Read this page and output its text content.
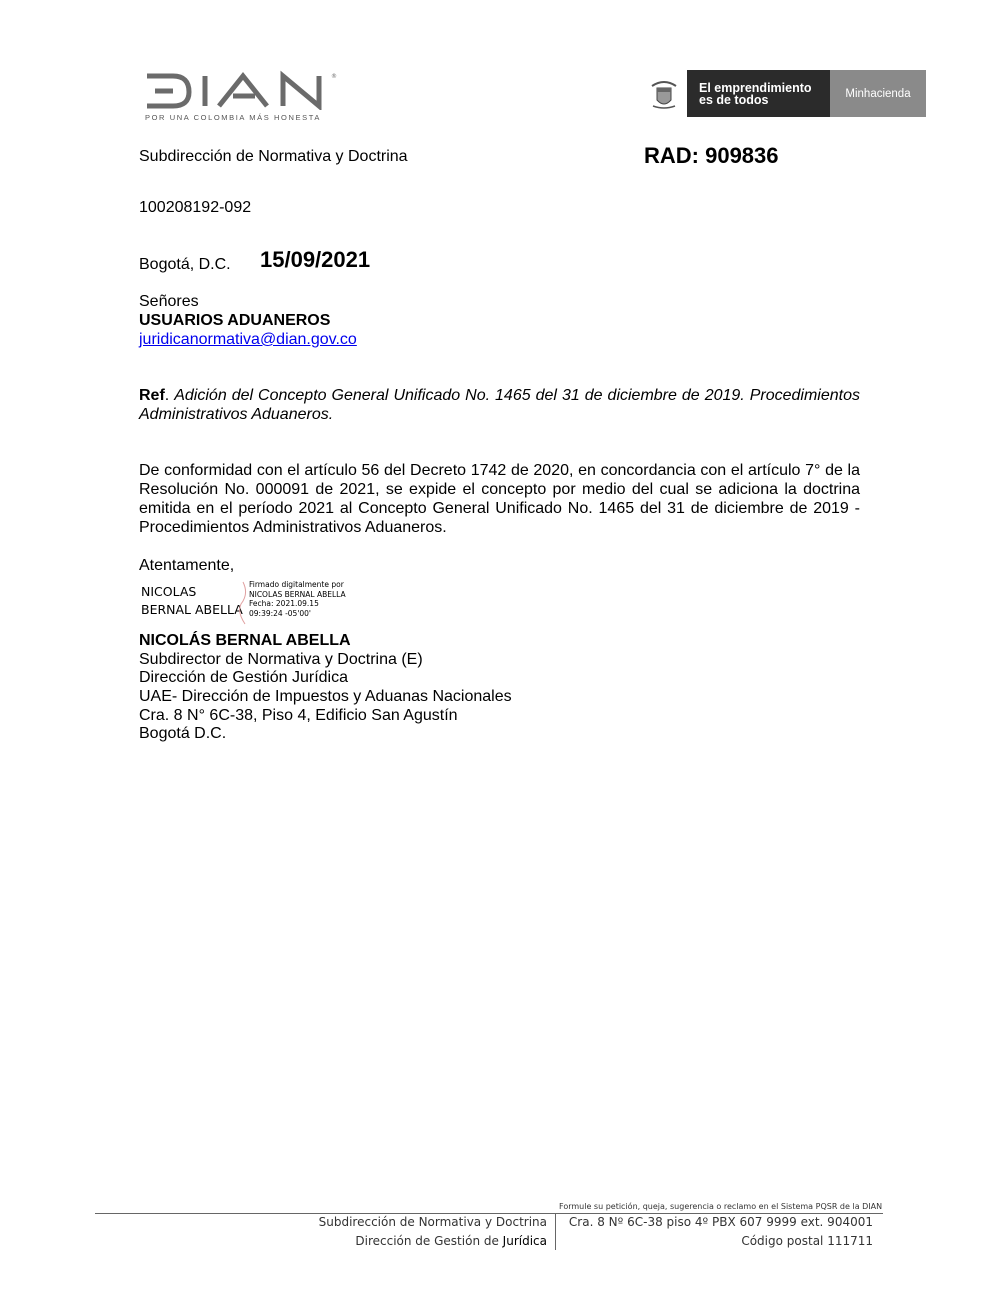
®
POR UNA COLOMBIA MÁS HONESTA
El emprendimiento
es de todos	Minhacienda
Subdirección de Normativa y Doctrina	RAD: 909836
100208192-092
Bogotá, D.C. 15/09/2021
Señores
USUARIOS ADUANEROS
juridicanormativa@dian.gov.co
Ref. Adición del Concepto General Unificado No. 1465 del 31 de diciembre de 2019. Procedimientos Administrativos Aduaneros.
De conformidad con el artículo 56 del Decreto 1742 de 2020, en concordancia con el artículo 7° de la Resolución No. 000091 de 2021, se expide el concepto por medio del cual se adiciona la doctrina emitida en el período 2021 al Concepto General Unificado No. 1465 del 31 de diciembre de 2019 - Procedimientos Administrativos Aduaneros.
Atentamente,
NICOLAS
BERNAL ABELLA
Firmado digitalmente por
NICOLAS BERNAL ABELLA
Fecha: 2021.09.15
09:39:24 -05'00'
NICOLÁS BERNAL ABELLA
Subdirector de Normativa y Doctrina (E)
Dirección de Gestión Jurídica
UAE- Dirección de Impuestos y Aduanas Nacionales
Cra. 8 N° 6C-38, Piso 4, Edificio San Agustín
Bogotá D.C.
Formule su petición, queja, sugerencia o reclamo en el Sistema PQSR de la DIAN
Subdirección de Normativa y Doctrina
Dirección de Gestión de Jurídica
Cra. 8 Nº 6C-38 piso 4º PBX 607 9999 ext. 904001
Código postal 111711
